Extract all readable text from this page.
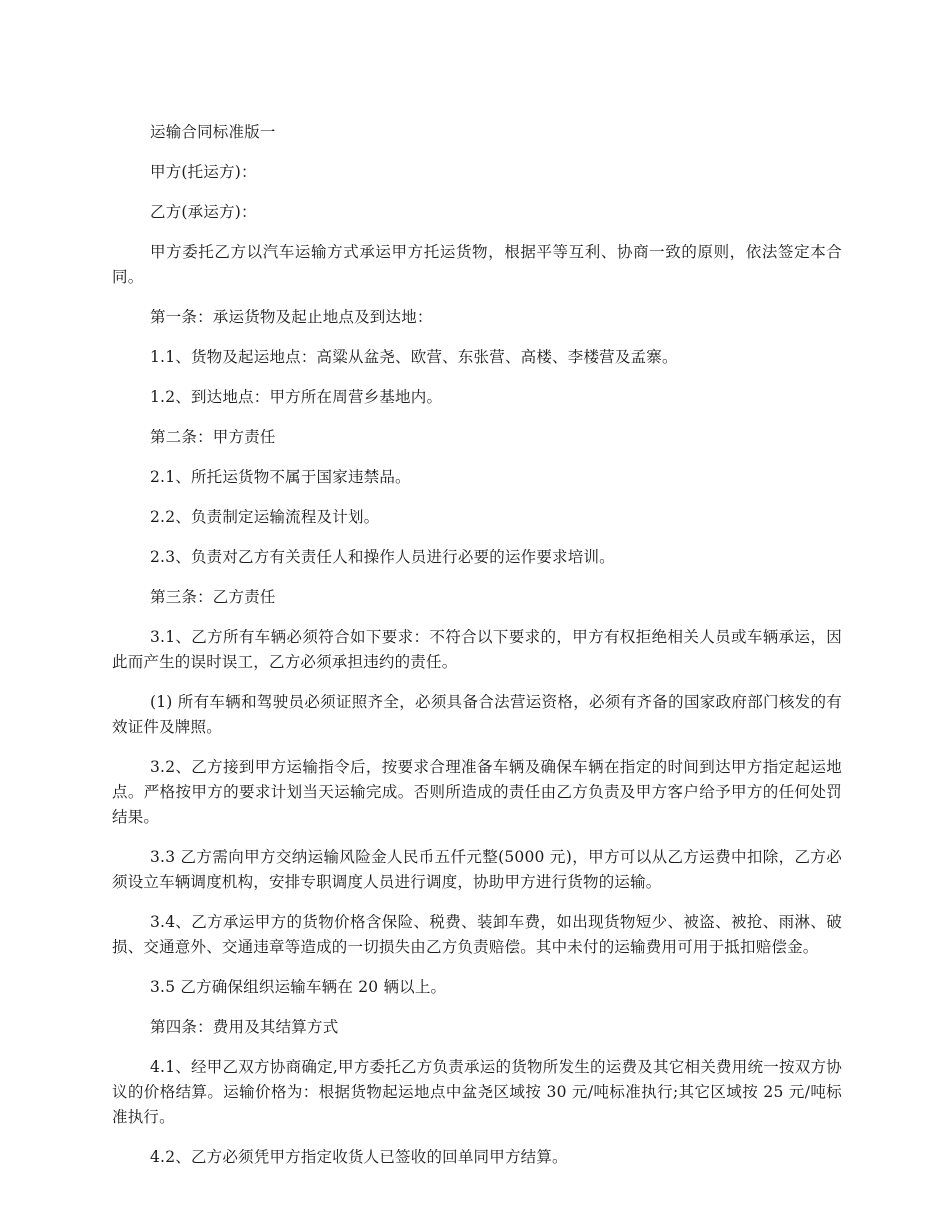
运输合同标准版一

甲方(托运方)：

乙方(承运方)：

甲方委托乙方以汽车运输方式承运甲方托运货物，根据平等互利、协商一致的原则，依法签定本合同。

第一条：承运货物及起止地点及到达地：

1.1、货物及起运地点：高粱从盆尧、欧营、东张营、高楼、李楼营及孟寨。

1.2、到达地点：甲方所在周营乡基地内。

第二条：甲方责任

2.1、所托运货物不属于国家违禁品。

2.2、负责制定运输流程及计划。

2.3、负责对乙方有关责任人和操作人员进行必要的运作要求培训。

第三条：乙方责任

3.1、乙方所有车辆必须符合如下要求：不符合以下要求的，甲方有权拒绝相关人员或车辆承运，因此而产生的误时误工，乙方必须承担违约的责任。

(1) 所有车辆和驾驶员必须证照齐全，必须具备合法营运资格，必须有齐备的国家政府部门核发的有效证件及牌照。

3.2、乙方接到甲方运输指令后，按要求合理准备车辆及确保车辆在指定的时间到达甲方指定起运地点。严格按甲方的要求计划当天运输完成。否则所造成的责任由乙方负责及甲方客户给予甲方的任何处罚结果。

3.3 乙方需向甲方交纳运输风险金人民币五仟元整(5000 元)，甲方可以从乙方运费中扣除，乙方必须设立车辆调度机构，安排专职调度人员进行调度，协助甲方进行货物的运输。

3.4、乙方承运甲方的货物价格含保险、税费、装卸车费，如出现货物短少、被盗、被抢、雨淋、破损、交通意外、交通违章等造成的一切损失由乙方负责赔偿。其中未付的运输费用可用于抵扣赔偿金。

3.5 乙方确保组织运输车辆在 20 辆以上。

第四条：费用及其结算方式

4.1、经甲乙双方协商确定,甲方委托乙方负责承运的货物所发生的运费及其它相关费用统一按双方协议的价格结算。运输价格为：根据货物起运地点中盆尧区域按 30 元/吨标准执行;其它区域按 25 元/吨标准执行。

4.2、乙方必须凭甲方指定收货人已签收的回单同甲方结算。
